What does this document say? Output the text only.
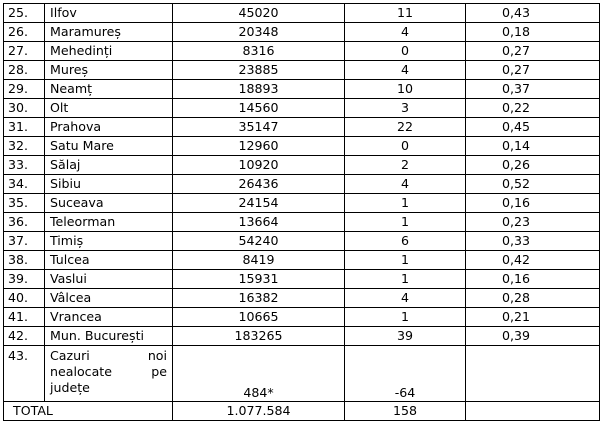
25.	Ilfov	45020	11	0,43
26.	Maramureș	20348	4	0,18
27.	Mehedinți	8316	0	0,27
28.	Mureș	23885	4	0,27
29.	Neamț	18893	10	0,37
30.	Olt	14560	3	0,22
31.	Prahova	35147	22	0,45
32.	Satu Mare	12960	0	0,14
33.	Sălaj	10920	2	0,26
34.	Sibiu	26436	4	0,52
35.	Suceava	24154	1	0,16
36.	Teleorman	13664	1	0,23
37.	Timiș	54240	6	0,33
38.	Tulcea	8419	1	0,42
39.	Vaslui	15931	1	0,16
40.	Vâlcea	16382	4	0,28
41.	Vrancea	10665	1	0,21
42.	Mun. București	183265	39	0,39
43.	Cazuri noi nealocate pe județe	484*	-64	
TOTAL		1.077.584	158	
